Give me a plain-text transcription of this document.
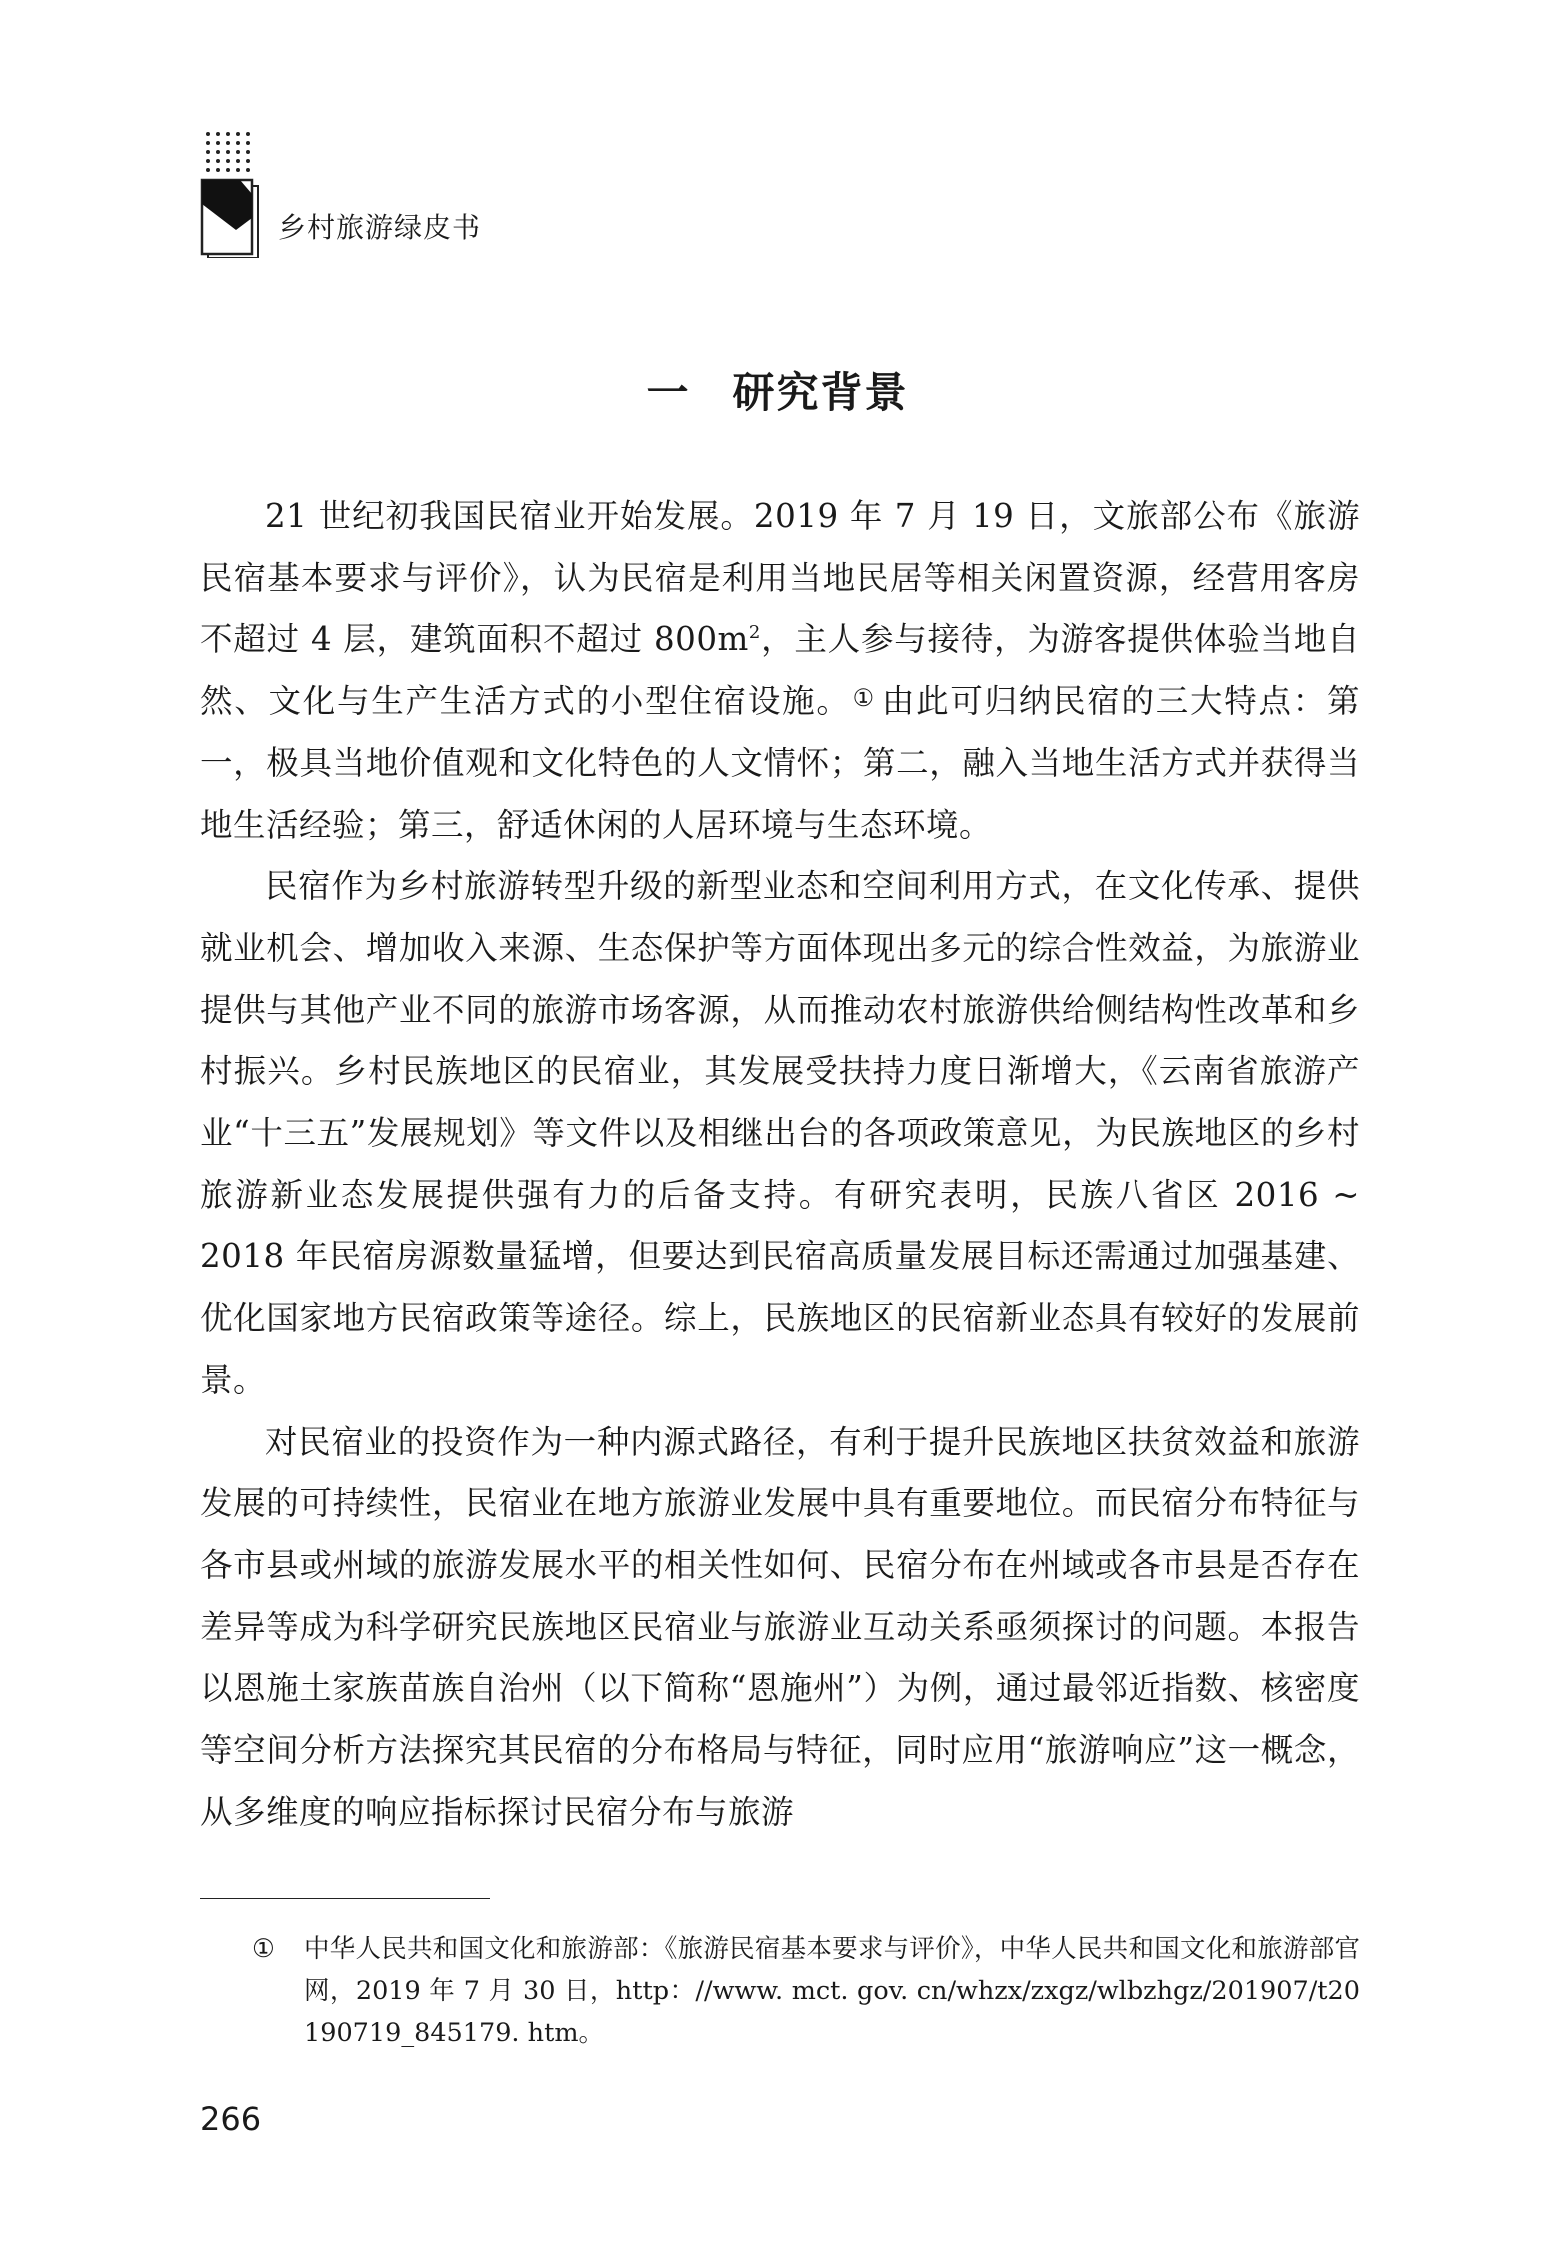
乡村旅游绿皮书
一 研究背景

21 世纪初我国民宿业开始发展。2019 年 7 月 19 日，文旅部公布《旅游民宿基本要求与评价》，认为民宿是利用当地民居等相关闲置资源，经营用客房不超过 4 层，建筑面积不超过 $800m^2$，主人参与接待，为游客提供体验当地自然、文化与生产生活方式的小型住宿设施。① 由此可归纳民宿的三大特点：第一，极具当地价值观和文化特色的人文情怀；第二，融入当地生活方式并获得当地生活经验；第三，舒适休闲的人居环境与生态环境。

民宿作为乡村旅游转型升级的新型业态和空间利用方式，在文化传承、提供就业机会、增加收入来源、生态保护等方面体现出多元的综合性效益，为旅游业提供与其他产业不同的旅游市场客源，从而推动农村旅游供给侧结构性改革和乡村振兴。乡村民族地区的民宿业，其发展受扶持力度日渐增大，《云南省旅游产业“十三五”发展规划》等文件以及相继出台的各项政策意见，为民族地区的乡村旅游新业态发展提供强有力的后备支持。有研究表明，民族八省区 2016 ~ 2018 年民宿房源数量猛增，但要达到民宿高质量发展目标还需通过加强基建、优化国家地方民宿政策等途径。综上，民族地区的民宿新业态具有较好的发展前景。

对民宿业的投资作为一种内源式路径，有利于提升民族地区扶贫效益和旅游发展的可持续性，民宿业在地方旅游业发展中具有重要地位。而民宿分布特征与各市县或州域的旅游发展水平的相关性如何、民宿分布在州域或各市县是否存在差异等成为科学研究民族地区民宿业与旅游业互动关系亟须探讨的问题。本报告以恩施土家族苗族自治州（以下简称“恩施州”）为例，通过最邻近指数、核密度等空间分析方法探究其民宿的分布格局与特征，同时应用“旅游响应”这一概念，从多维度的响应指标探讨民宿分布与旅游

① 中华人民共和国文化和旅游部：《旅游民宿基本要求与评价》，中华人民共和国文化和旅游部官网，2019 年 7 月 30 日，http：//www. mct. gov. cn/whzx/zxgz/wlbzhgz/201907/t20190719_845179. htm。
266
